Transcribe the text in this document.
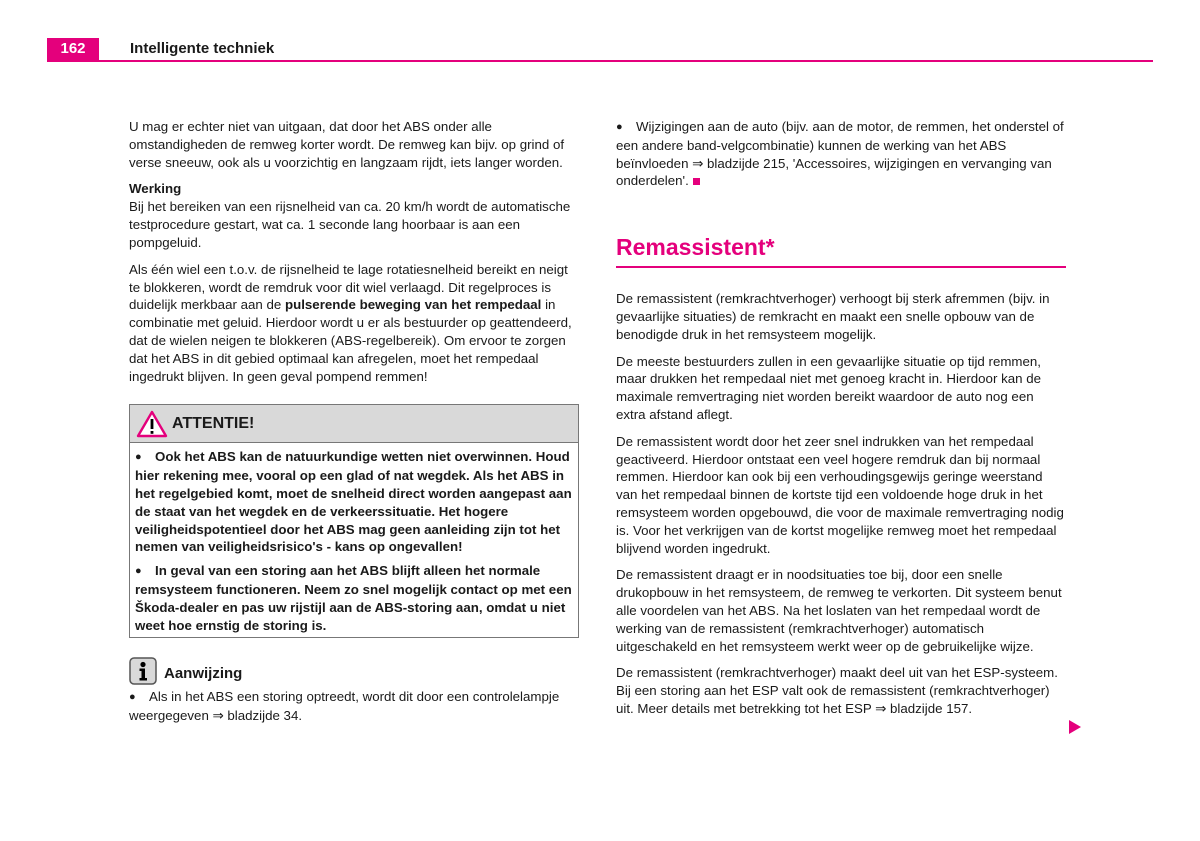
162	Intelligente techniek

U mag er echter niet van uitgaan, dat door het ABS onder alle omstandigheden de remweg korter wordt. De remweg kan bijv. op grind of verse sneeuw, ook als u voorzichtig en langzaam rijdt, iets langer worden.

Werking

Bij het bereiken van een rijsnelheid van ca. 20 km/h wordt de automatische testprocedure gestart, wat ca. 1 seconde lang hoorbaar is aan een pompgeluid.

Als één wiel een t.o.v. de rijsnelheid te lage rotatiesnelheid bereikt en neigt te blokkeren, wordt de remdruk voor dit wiel verlaagd. Dit regelproces is duidelijk merkbaar aan de pulserende beweging van het rempedaal in combinatie met geluid. Hierdoor wordt u er als bestuurder op geattendeerd, dat de wielen neigen te blokkeren (ABS-regelbereik). Om ervoor te zorgen dat het ABS in dit gebied optimaal kan afregelen, moet het rempedaal ingedrukt blijven. In geen geval pompend remmen!

ATTENTIE!

● Ook het ABS kan de natuurkundige wetten niet overwinnen. Houd hier rekening mee, vooral op een glad of nat wegdek. Als het ABS in het regelgebied komt, moet de snelheid direct worden aangepast aan de staat van het wegdek en de verkeerssituatie. Het hogere veiligheidspotentieel door het ABS mag geen aanleiding zijn tot het nemen van veiligheidsrisico's - kans op ongevallen!

● In geval van een storing aan het ABS blijft alleen het normale remsysteem functioneren. Neem zo snel mogelijk contact op met een Škoda-dealer en pas uw rijstijl aan de ABS-storing aan, omdat u niet weet hoe ernstig de storing is.

Aanwijzing

● Als in het ABS een storing optreedt, wordt dit door een controlelampje weergegeven ⇒ bladzijde 34.

● Wijzigingen aan de auto (bijv. aan de motor, de remmen, het onderstel of een andere band-velgcombinatie) kunnen de werking van het ABS beïnvloeden ⇒ bladzijde 215, 'Accessoires, wijzigingen en vervanging van onderdelen'.

Remassistent*

De remassistent (remkrachtverhoger) verhoogt bij sterk afremmen (bijv. in gevaarlijke situaties) de remkracht en maakt een snelle opbouw van de benodigde druk in het remsysteem mogelijk.

De meeste bestuurders zullen in een gevaarlijke situatie op tijd remmen, maar drukken het rempedaal niet met genoeg kracht in. Hierdoor kan de maximale remvertraging niet worden bereikt waardoor de auto nog een extra afstand aflegt.

De remassistent wordt door het zeer snel indrukken van het rempedaal geactiveerd. Hierdoor ontstaat een veel hogere remdruk dan bij normaal remmen. Hierdoor kan ook bij een verhoudingsgewijs geringe weerstand van het rempedaal binnen de kortste tijd een voldoende hoge druk in het remsysteem worden opgebouwd, die voor de maximale remvertraging nodig is. Voor het verkrijgen van de kortst mogelijke remweg moet het rempedaal blijvend worden ingedrukt.

De remassistent draagt er in noodsituaties toe bij, door een snelle drukopbouw in het remsysteem, de remweg te verkorten. Dit systeem benut alle voordelen van het ABS. Na het loslaten van het rempedaal wordt de werking van de remassistent (remkrachtverhoger) automatisch uitgeschakeld en het remsysteem werkt weer op de gebruikelijke wijze.

De remassistent (remkrachtverhoger) maakt deel uit van het ESP-systeem. Bij een storing aan het ESP valt ook de remassistent (remkrachtverhoger) uit. Meer details met betrekking tot het ESP ⇒ bladzijde 157.
